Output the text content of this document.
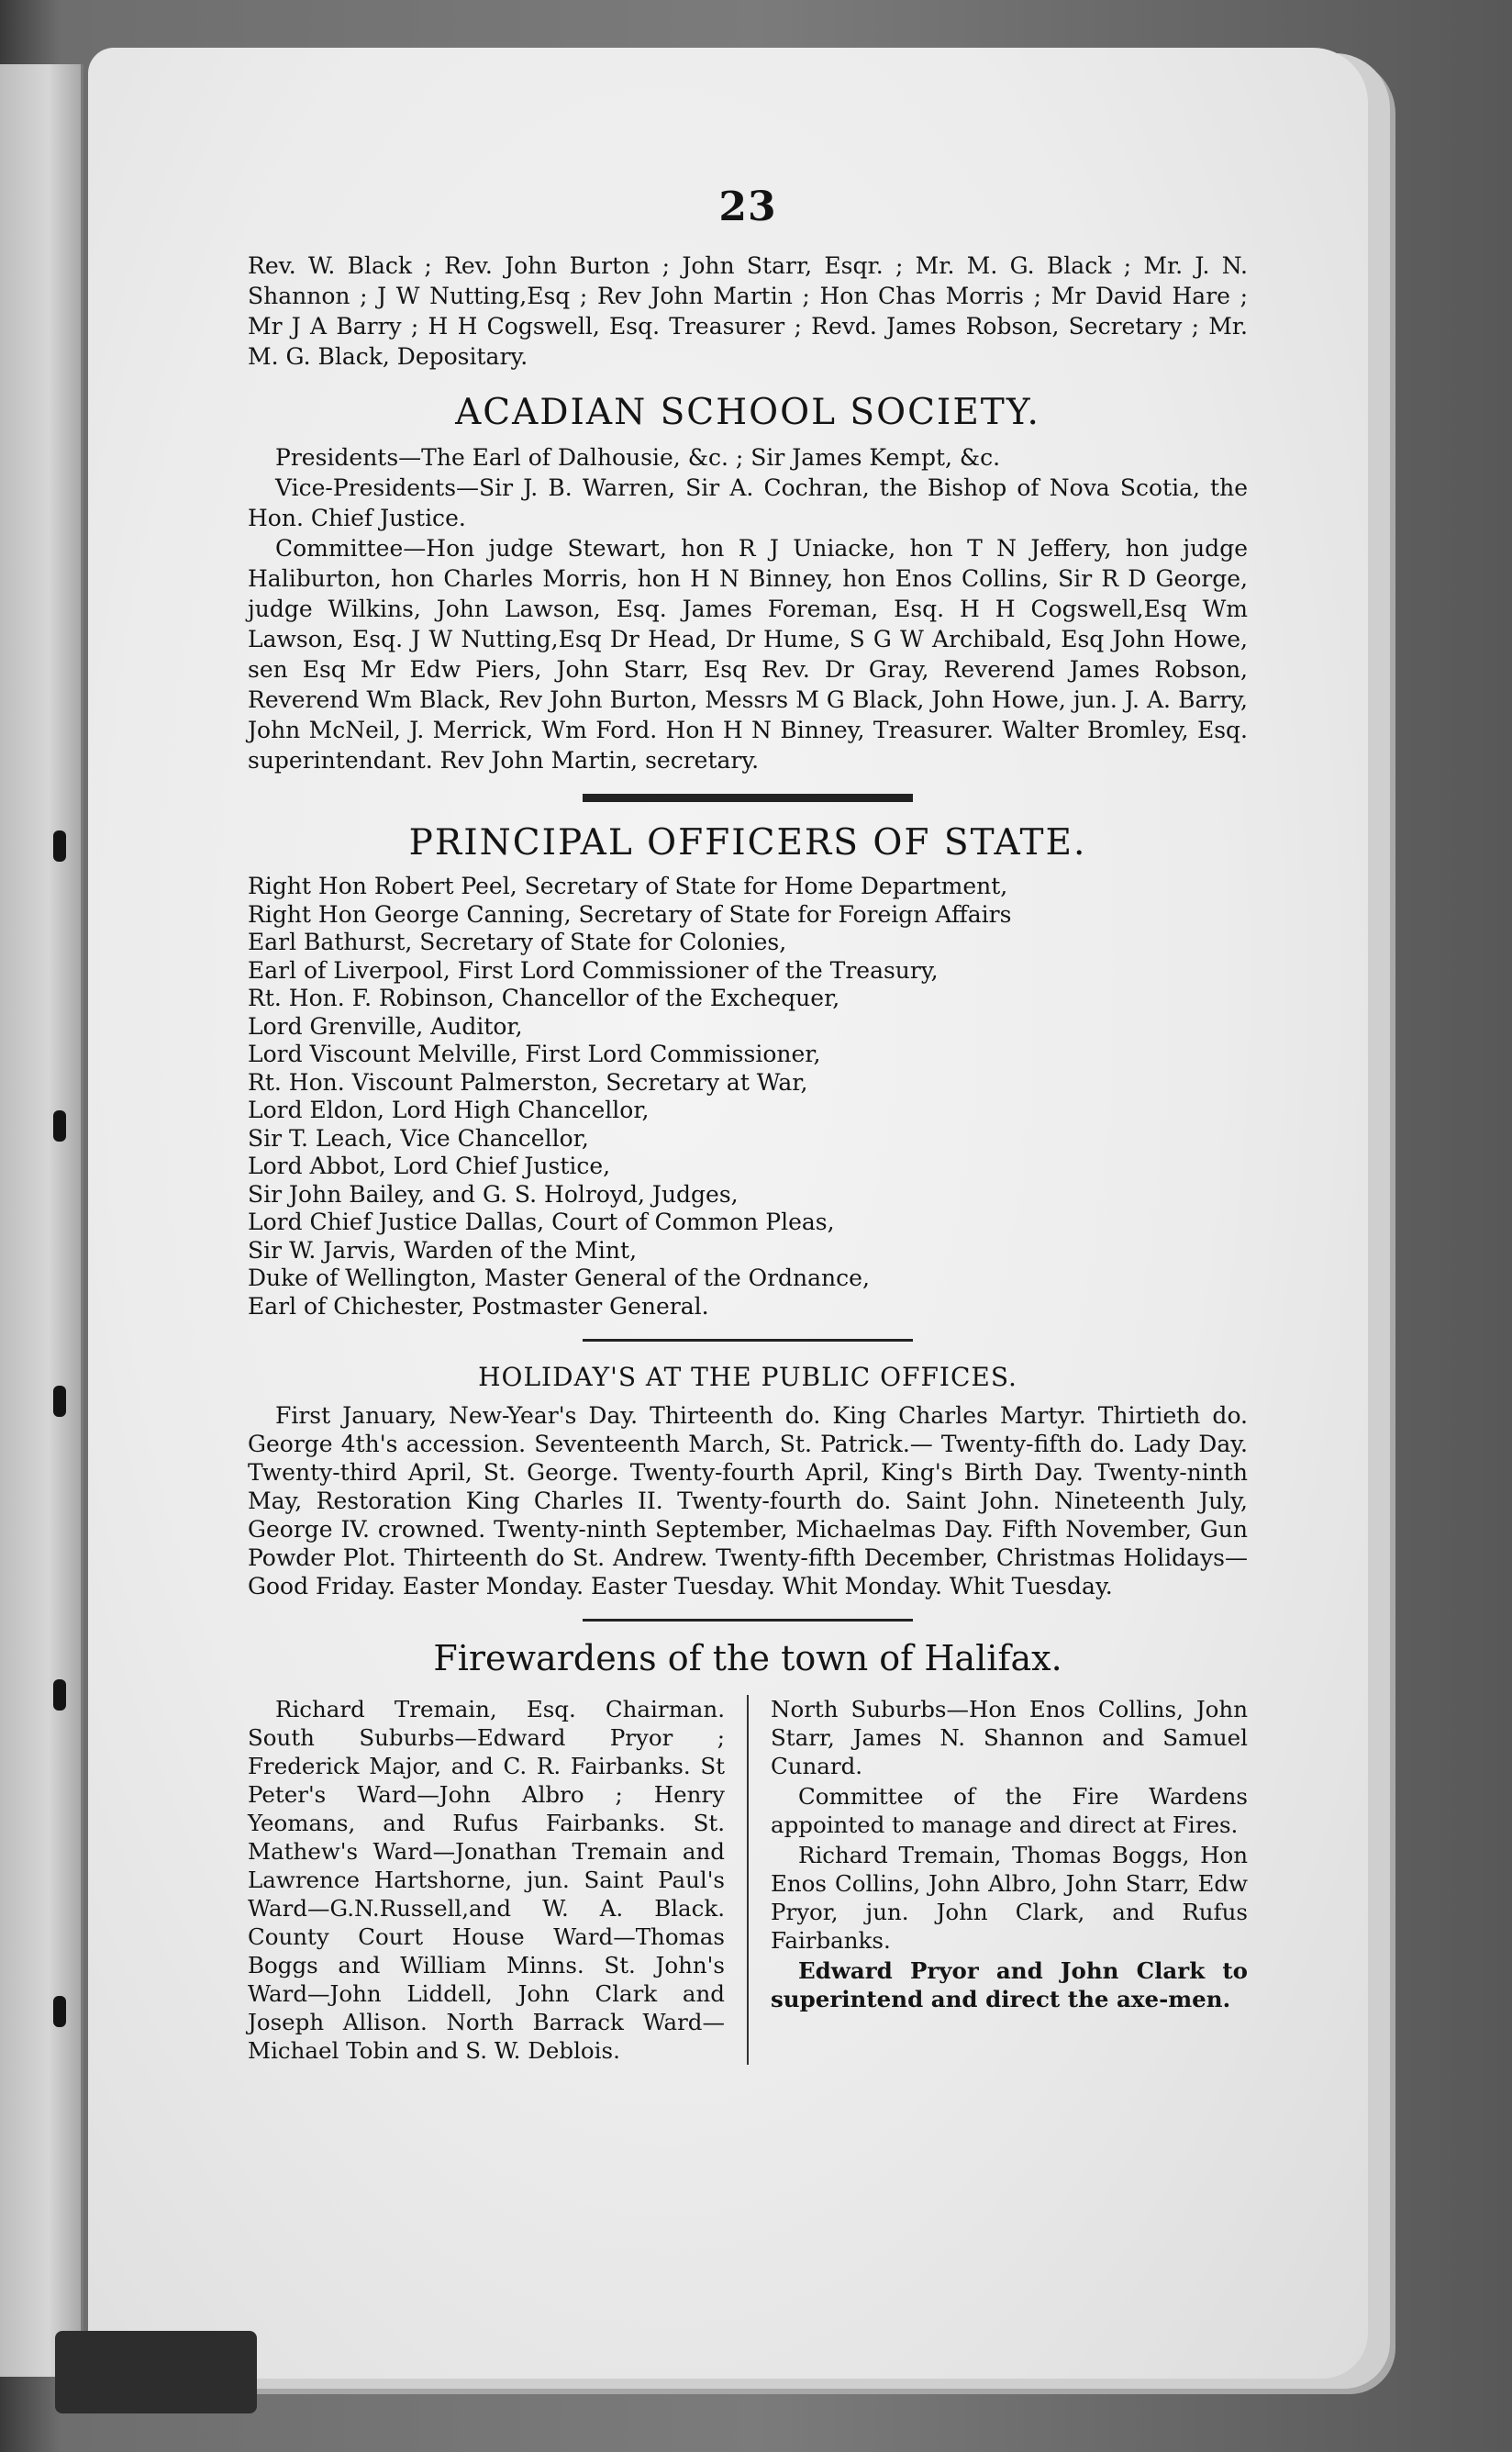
23

Rev. W. Black ; Rev. John Burton ; John Starr, Esqr. ; Mr. M. G. Black ; Mr. J. N. Shannon ; J W Nutting,Esq ; Rev John Martin ; Hon Chas Morris ; Mr David Hare ; Mr J A Barry ; H H Cogswell, Esq. Treasurer ; Revd. James Robson, Secretary ; Mr. M. G. Black, Depositary.

ACADIAN SCHOOL SOCIETY.

Presidents—The Earl of Dalhousie, &c. ; Sir James Kempt, &c.

Vice-Presidents—Sir J. B. Warren, Sir A. Cochran, the Bishop of Nova Scotia, the Hon. Chief Justice.

Committee—Hon judge Stewart, hon R J Uniacke, hon T N Jeffery, hon judge Haliburton, hon Charles Morris, hon H N Binney, hon Enos Collins, Sir R D George, judge Wilkins, John Lawson, Esq. James Foreman, Esq. H H Cogswell,Esq Wm Lawson, Esq. J W Nutting,Esq Dr Head, Dr Hume, S G W Archibald, Esq John Howe, sen Esq Mr Edw Piers, John Starr, Esq Rev. Dr Gray, Reverend James Robson, Reverend Wm Black, Rev John Burton, Messrs M G Black, John Howe, jun. J. A. Barry, John McNeil, J. Merrick, Wm Ford. Hon H N Binney, Treasurer. Walter Bromley, Esq. superintendant. Rev John Martin, secretary.

PRINCIPAL OFFICERS OF STATE.

Right Hon Robert Peel, Secretary of State for Home Department,

Right Hon George Canning, Secretary of State for Foreign Affairs

Earl Bathurst, Secretary of State for Colonies,

Earl of Liverpool, First Lord Commissioner of the Treasury,

Rt. Hon. F. Robinson, Chancellor of the Exchequer,

Lord Grenville, Auditor,

Lord Viscount Melville, First Lord Commissioner,

Rt. Hon. Viscount Palmerston, Secretary at War,

Lord Eldon, Lord High Chancellor,

Sir T. Leach, Vice Chancellor,

Lord Abbot, Lord Chief Justice,

Sir John Bailey, and G. S. Holroyd, Judges,

Lord Chief Justice Dallas, Court of Common Pleas,

Sir W. Jarvis, Warden of the Mint,

Duke of Wellington, Master General of the Ordnance,

Earl of Chichester, Postmaster General.

HOLIDAY'S AT THE PUBLIC OFFICES.

First January, New-Year's Day. Thirteenth do. King Charles Martyr. Thirtieth do. George 4th's accession. Seventeenth March, St. Patrick.— Twenty-fifth do. Lady Day. Twenty-third April, St. George. Twenty-fourth April, King's Birth Day. Twenty-ninth May, Restoration King Charles II. Twenty-fourth do. Saint John. Nineteenth July, George IV. crowned. Twenty-ninth September, Michaelmas Day. Fifth November, Gun Powder Plot. Thirteenth do St. Andrew. Twenty-fifth December, Christmas Holidays—Good Friday. Easter Monday. Easter Tuesday. Whit Monday. Whit Tuesday.

Firewardens of the town of Halifax.

Richard Tremain, Esq. Chairman. South Suburbs—Edward Pryor ; Frederick Major, and C. R. Fairbanks. St Peter's Ward—John Albro ; Henry Yeomans, and Rufus Fairbanks. St. Mathew's Ward—Jonathan Tremain and Lawrence Hartshorne, jun. Saint Paul's Ward—G.N.Russell,and W. A. Black. County Court House Ward—Thomas Boggs and William Minns. St. John's Ward—John Liddell, John Clark and Joseph Allison. North Barrack Ward—Michael Tobin and S. W. Deblois.

North Suburbs—Hon Enos Collins, John Starr, James N. Shannon and Samuel Cunard.

Committee of the Fire Wardens appointed to manage and direct at Fires.

Richard Tremain, Thomas Boggs, Hon Enos Collins, John Albro, John Starr, Edw Pryor, jun. John Clark, and Rufus Fairbanks.

Edward Pryor and John Clark to superintend and direct the axe-men.
